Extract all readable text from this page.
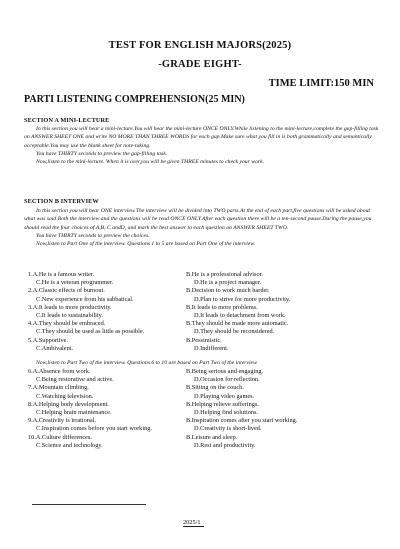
TEST FOR ENGLISH MAJORS(2025)
-GRADE EIGHT-
TIME LIMIT:150 MIN
PARTI LISTENING COMPREHENSION(25 MIN)
SECTION A MINI-LECTURE

In this section you will hear a mini-lecture.You will hear the mini-lecture ONCE ONLY.While listening to the mini-lecture,complete the gap-filling task on ANSWER SHEET ONE and write NO MORE THAN THREE WORDS for each gap.Make sure what you fill in is both grammatically and semantically acceptable.You may use the blank sheet for note-taking.

You have THIRTY seconds to preview the gap-filling task.

Now,listen to the mini-lecture. When it is over,you will be given THREE minutes to check your work.

SECTION B INTERVIEW

In this section you will hear ONE interview.The interview will be divided into TWO parts.At the end of each part,five questions will be asked about what was said.Both the interview and the questions will be read ONCE ONLY.After each question there will be a ten-second pause.During the pause,you should read the four choices of A,B, C andD, and mark the best answer to each question on ANSWER SHEET TWO.

You have THIRTY seconds to preview the choices.

Now,listen to Part One of the interview. Questions 1 to 5 are based on Part One of the interview.

1.A.He is a famous writer.	B.He is a professional advisor.
C.He is a veteran programmer.	D.He is a project manager.
2.A.Classic effects of burnout.	B.Decision to work much harder.
C.New experience from his sabbatical.	D.Plan to strive for more productivity.
3.A.It leads to more productivity.	B.It leads to more problems.
C.It leads to sustainability.	D.It leads to detachment from work.
4.A.They should be embraced.	B.They should be made more automatic.
C.They should be used as little as possible.	D.They should be reconsidered.
5.A.Supportive.	B.Pessimistic.
C.Ambivalent.	D.Indifferent.

Now,listen to Part Two of the interview. Questions 6 to 10 are based on Part Two of the interview.

6.A.Absence from work.	B.Being serious and engaging.
C.Being restorative and active.	D.Occasion for reflection.
7.A.Mountain climbing.	B.Sitting on the couch.
C.Watching television.	D.Playing video games.
8.A.Helping body development.	B.Helping relieve sufferings.
C.Helping brain maintenance.	D.Helping find solutions.
9.A.Creativity is irrational.	B.Inspiration comes after you start working.
C.Inspiration comes before you start working.	D.Creativity is short-lived.
10.A.Culture differences.	B.Leisure and sleep.
C.Science and technology.	D.Rest and productivity.
2025/1
